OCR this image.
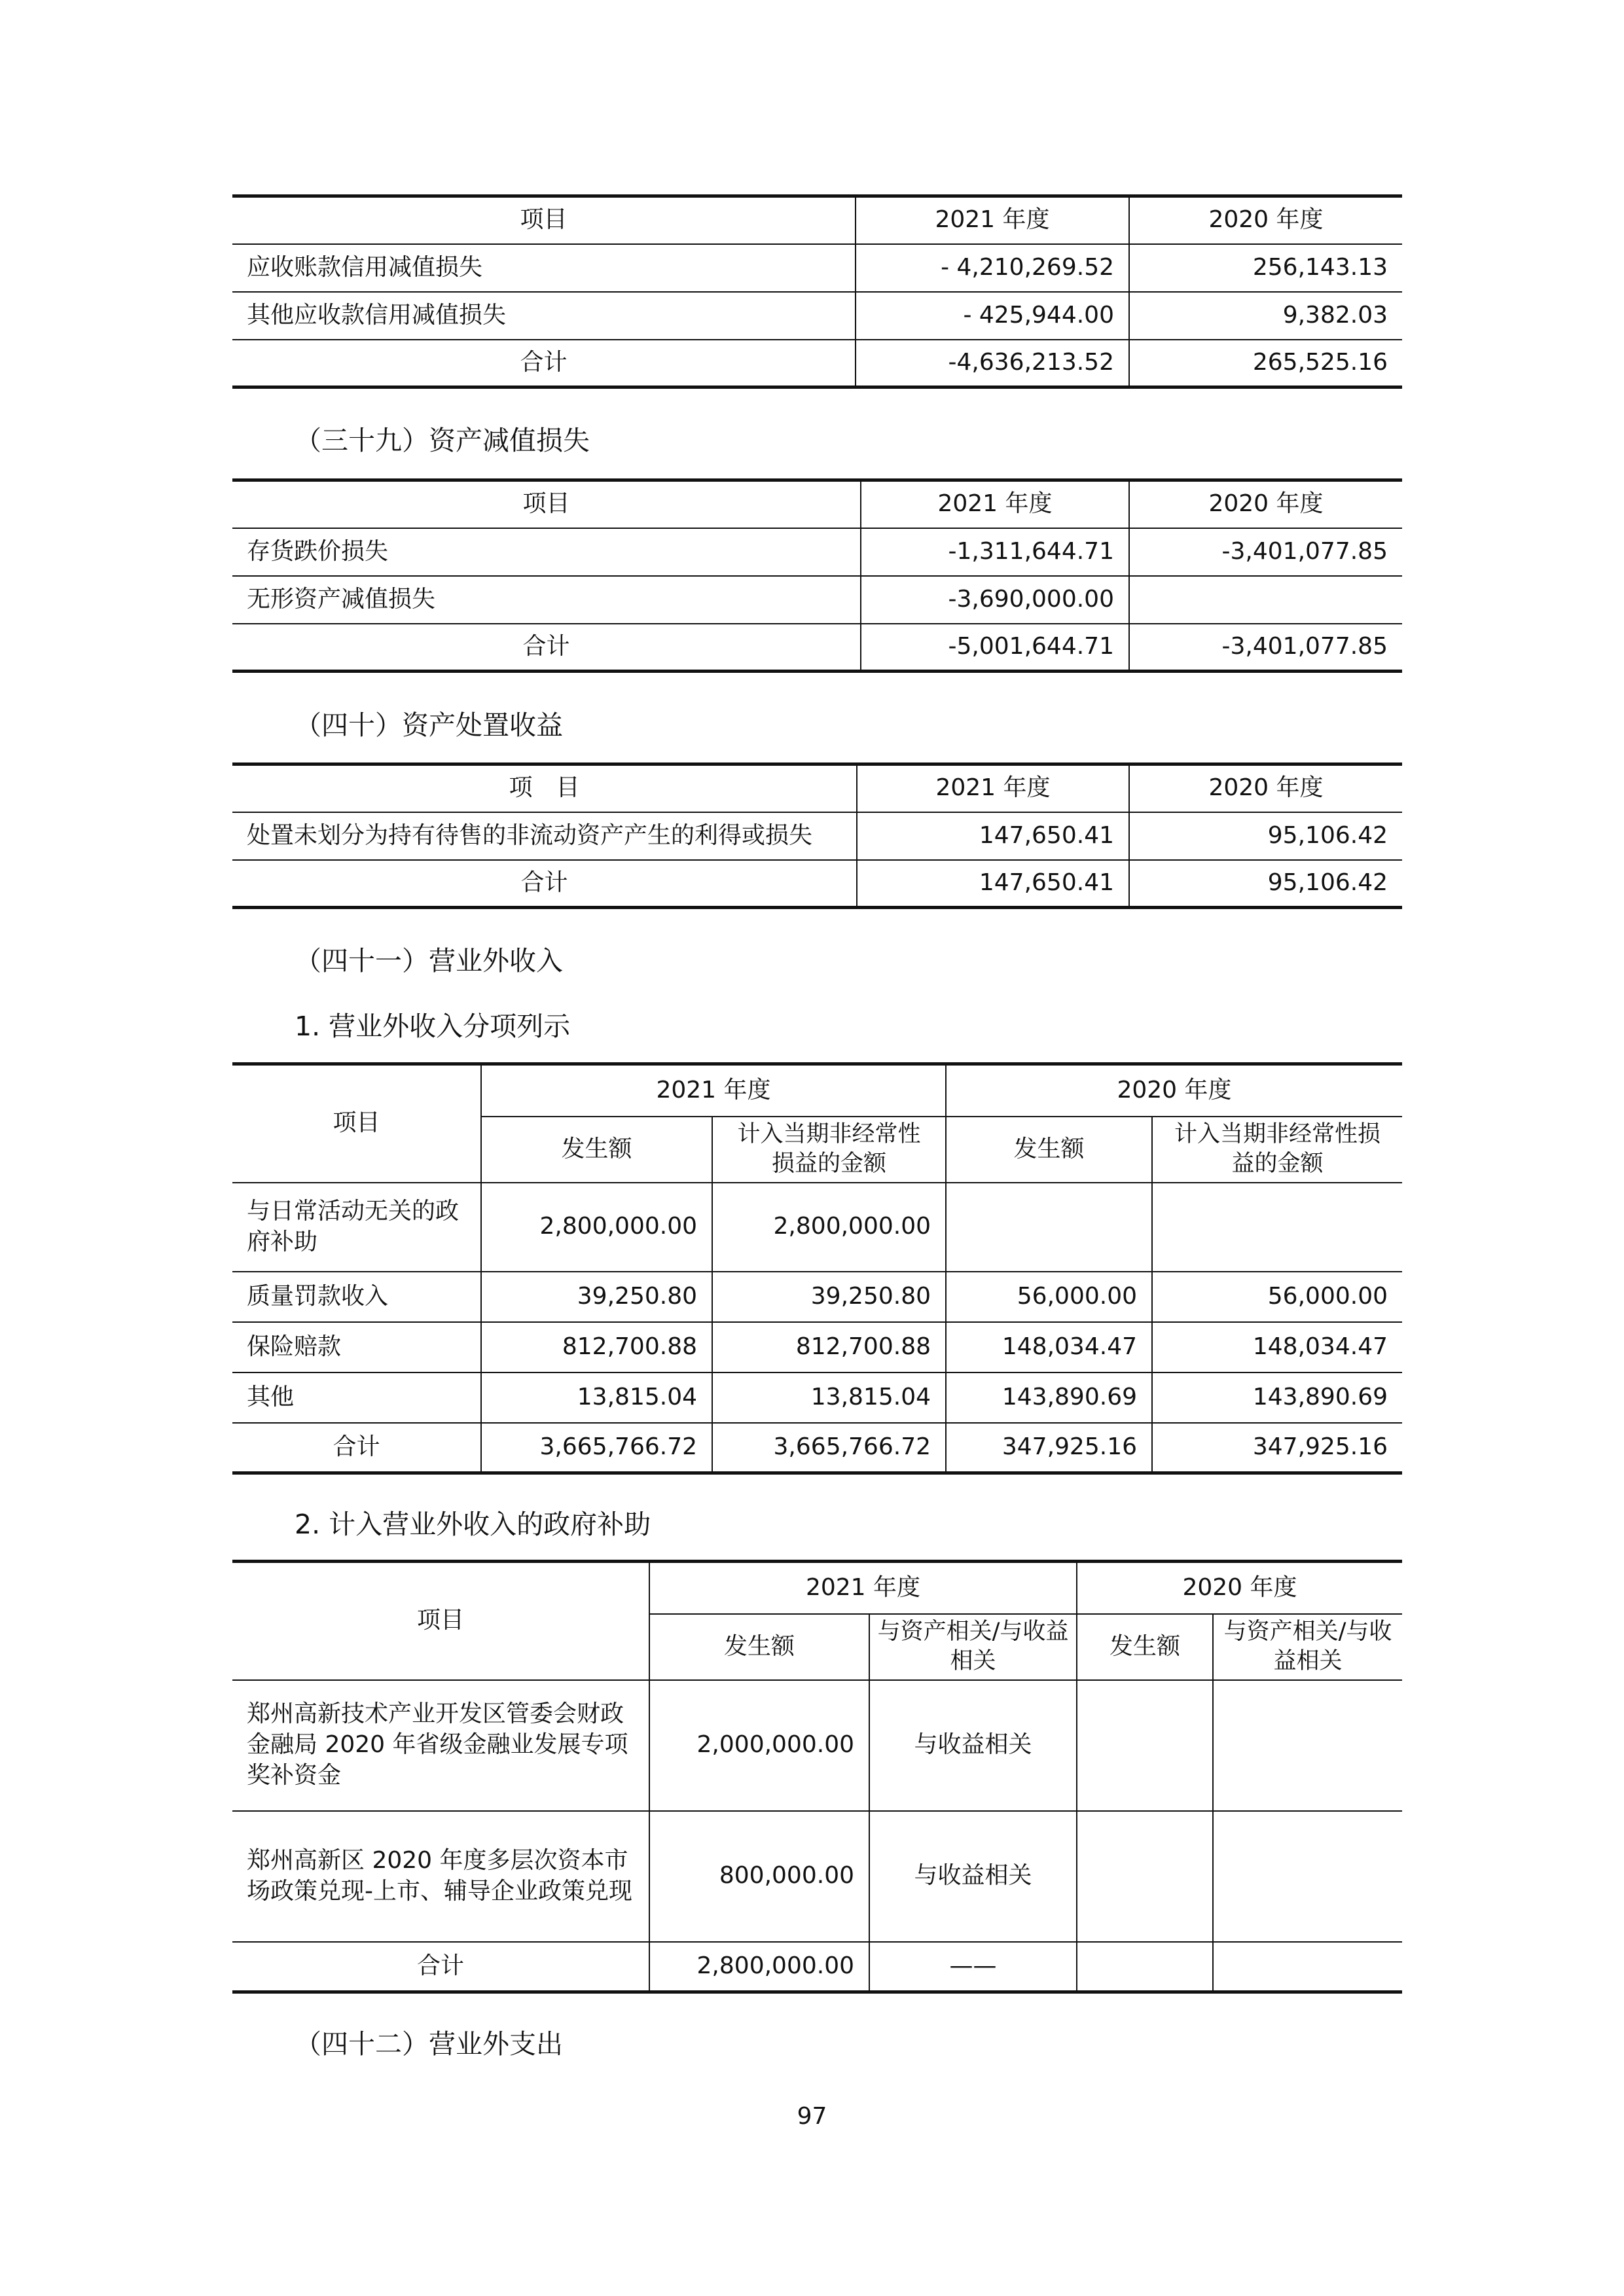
项目	2021 年度	2020 年度
应收账款信用减值损失	- 4,210,269.52	256,143.13
其他应收款信用减值损失	- 425,944.00	9,382.03
合计	-4,636,213.52	265,525.16

（三十九）资产减值损失

项目	2021 年度	2020 年度
存货跌价损失	-1,311,644.71	-3,401,077.85
无形资产减值损失	-3,690,000.00	
合计	-5,001,644.71	-3,401,077.85

（四十）资产处置收益

项　目	2021 年度	2020 年度
处置未划分为持有待售的非流动资产产生的利得或损失	147,650.41	95,106.42
合计	147,650.41	95,106.42

（四十一）营业外收入

1. 营业外收入分项列示

项目	2021 年度		2020 年度	
	发生额	计入当期非经常性损益的金额	发生额	计入当期非经常性损益的金额
与日常活动无关的政府补助	2,800,000.00	2,800,000.00		
质量罚款收入	39,250.80	39,250.80	56,000.00	56,000.00
保险赔款	812,700.88	812,700.88	148,034.47	148,034.47
其他	13,815.04	13,815.04	143,890.69	143,890.69
合计	3,665,766.72	3,665,766.72	347,925.16	347,925.16

2. 计入营业外收入的政府补助

项目	2021 年度		2020 年度	
	发生额	与资产相关/与收益相关	发生额	与资产相关/与收益相关
郑州高新技术产业开发区管委会财政金融局 2020 年省级金融业发展专项奖补资金	2,000,000.00	与收益相关		
郑州高新区 2020 年度多层次资本市场政策兑现-上市、辅导企业政策兑现	800,000.00	与收益相关		
合计	2,800,000.00	——		

（四十二）营业外支出

97
